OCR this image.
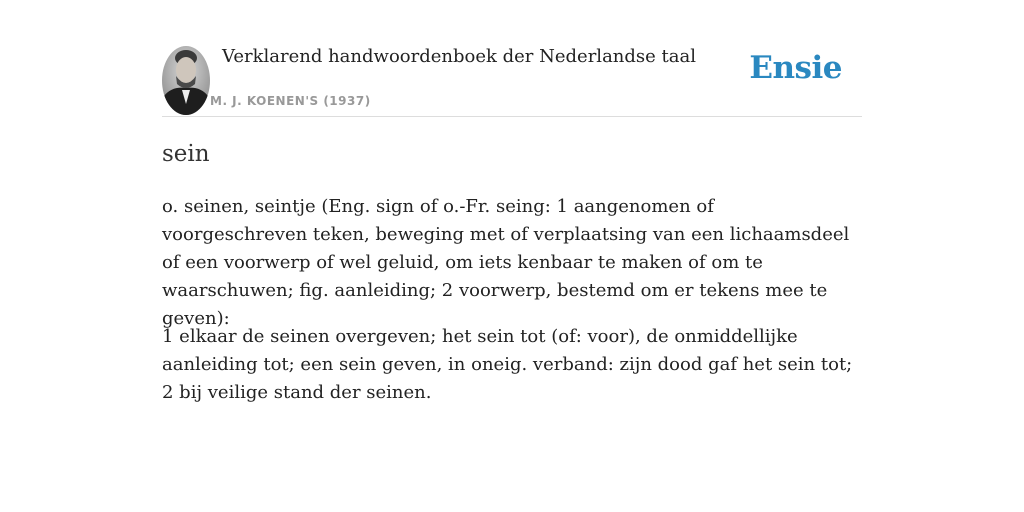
Verklarend handwoordenboek der Nederlandse taal
M. J. KOENEN'S (1937)
Ensie
sein
o. seinen, seintje (Eng. sign of o.-Fr. seing: 1 aangenomen of voorgeschreven teken, beweging met of verplaatsing van een lichaamsdeel of een voorwerp of wel geluid, om iets kenbaar te maken of om te waarschuwen; fig. aanleiding; 2 voorwerp, bestemd om er tekens mee te geven):
1 elkaar de seinen overgeven; het sein tot (of: voor), de onmiddellijke aanleiding tot; een sein geven, in oneig. verband: zijn dood gaf het sein tot;
2 bij veilige stand der seinen.
